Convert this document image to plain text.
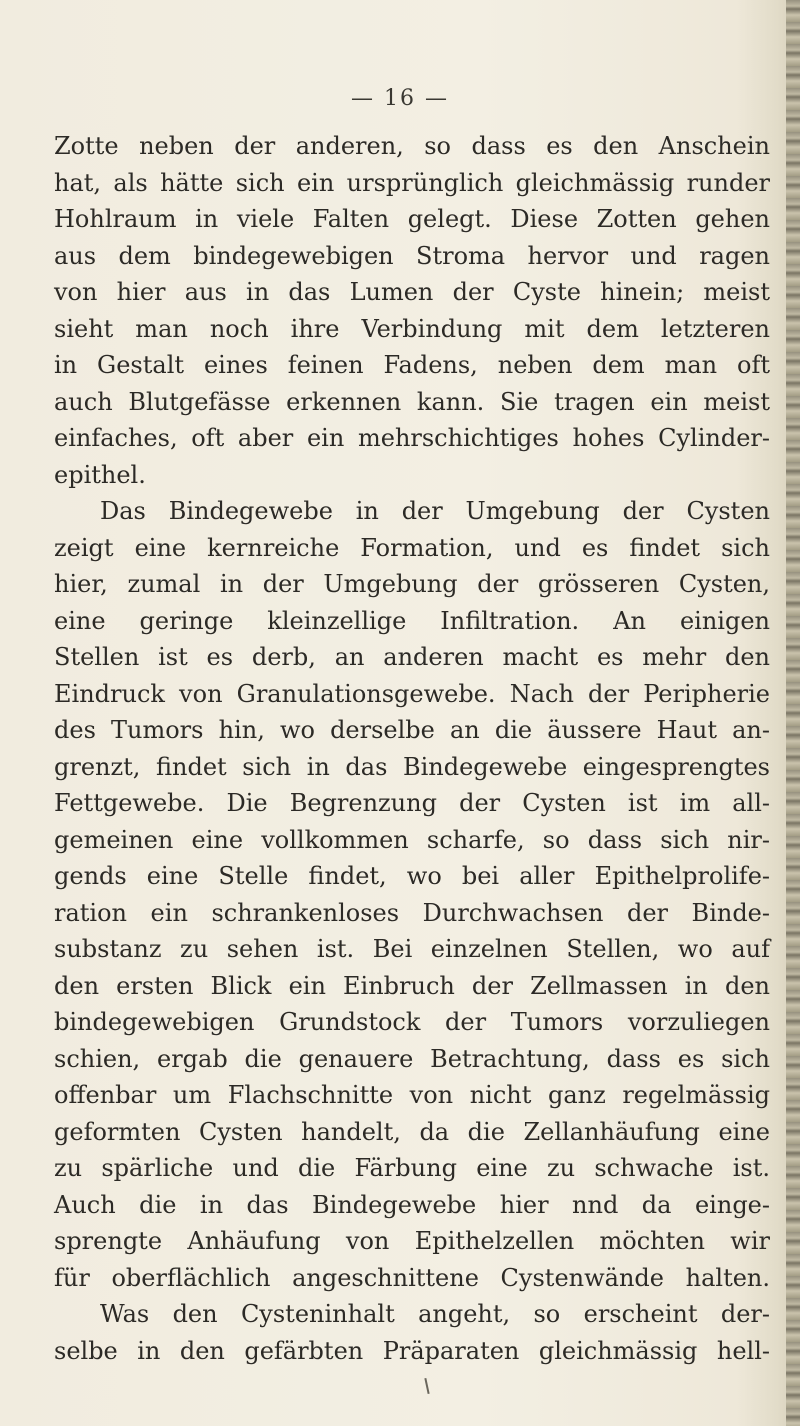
— 16 —
Zotte neben der anderen, so dass es den Anschein
hat, als hätte sich ein ursprünglich gleichmässig runder
Hohlraum in viele Falten gelegt. Diese Zotten gehen
aus dem bindegewebigen Stroma hervor und ragen
von hier aus in das Lumen der Cyste hinein; meist
sieht man noch ihre Verbindung mit dem letzteren
in Gestalt eines feinen Fadens, neben dem man oft
auch Blutgefässe erkennen kann. Sie tragen ein meist
einfaches, oft aber ein mehrschichtiges hohes Cylinder-
epithel.
Das Bindegewebe in der Umgebung der Cysten
zeigt eine kernreiche Formation, und es findet sich
hier, zumal in der Umgebung der grösseren Cysten,
eine geringe kleinzellige Infiltration. An einigen
Stellen ist es derb, an anderen macht es mehr den
Eindruck von Granulationsgewebe. Nach der Peripherie
des Tumors hin, wo derselbe an die äussere Haut an-
grenzt, findet sich in das Bindegewebe eingesprengtes
Fettgewebe. Die Begrenzung der Cysten ist im all-
gemeinen eine vollkommen scharfe, so dass sich nir-
gends eine Stelle findet, wo bei aller Epithelprolife-
ration ein schrankenloses Durchwachsen der Binde-
substanz zu sehen ist. Bei einzelnen Stellen, wo auf
den ersten Blick ein Einbruch der Zellmassen in den
bindegewebigen Grundstock der Tumors vorzuliegen
schien, ergab die genauere Betrachtung, dass es sich
offenbar um Flachschnitte von nicht ganz regelmässig
geformten Cysten handelt, da die Zellanhäufung eine
zu spärliche und die Färbung eine zu schwache ist.
Auch die in das Bindegewebe hier nnd da einge-
sprengte Anhäufung von Epithelzellen möchten wir
für oberflächlich angeschnittene Cystenwände halten.
Was den Cysteninhalt angeht, so erscheint der-
selbe in den gefärbten Präparaten gleichmässig hell-
